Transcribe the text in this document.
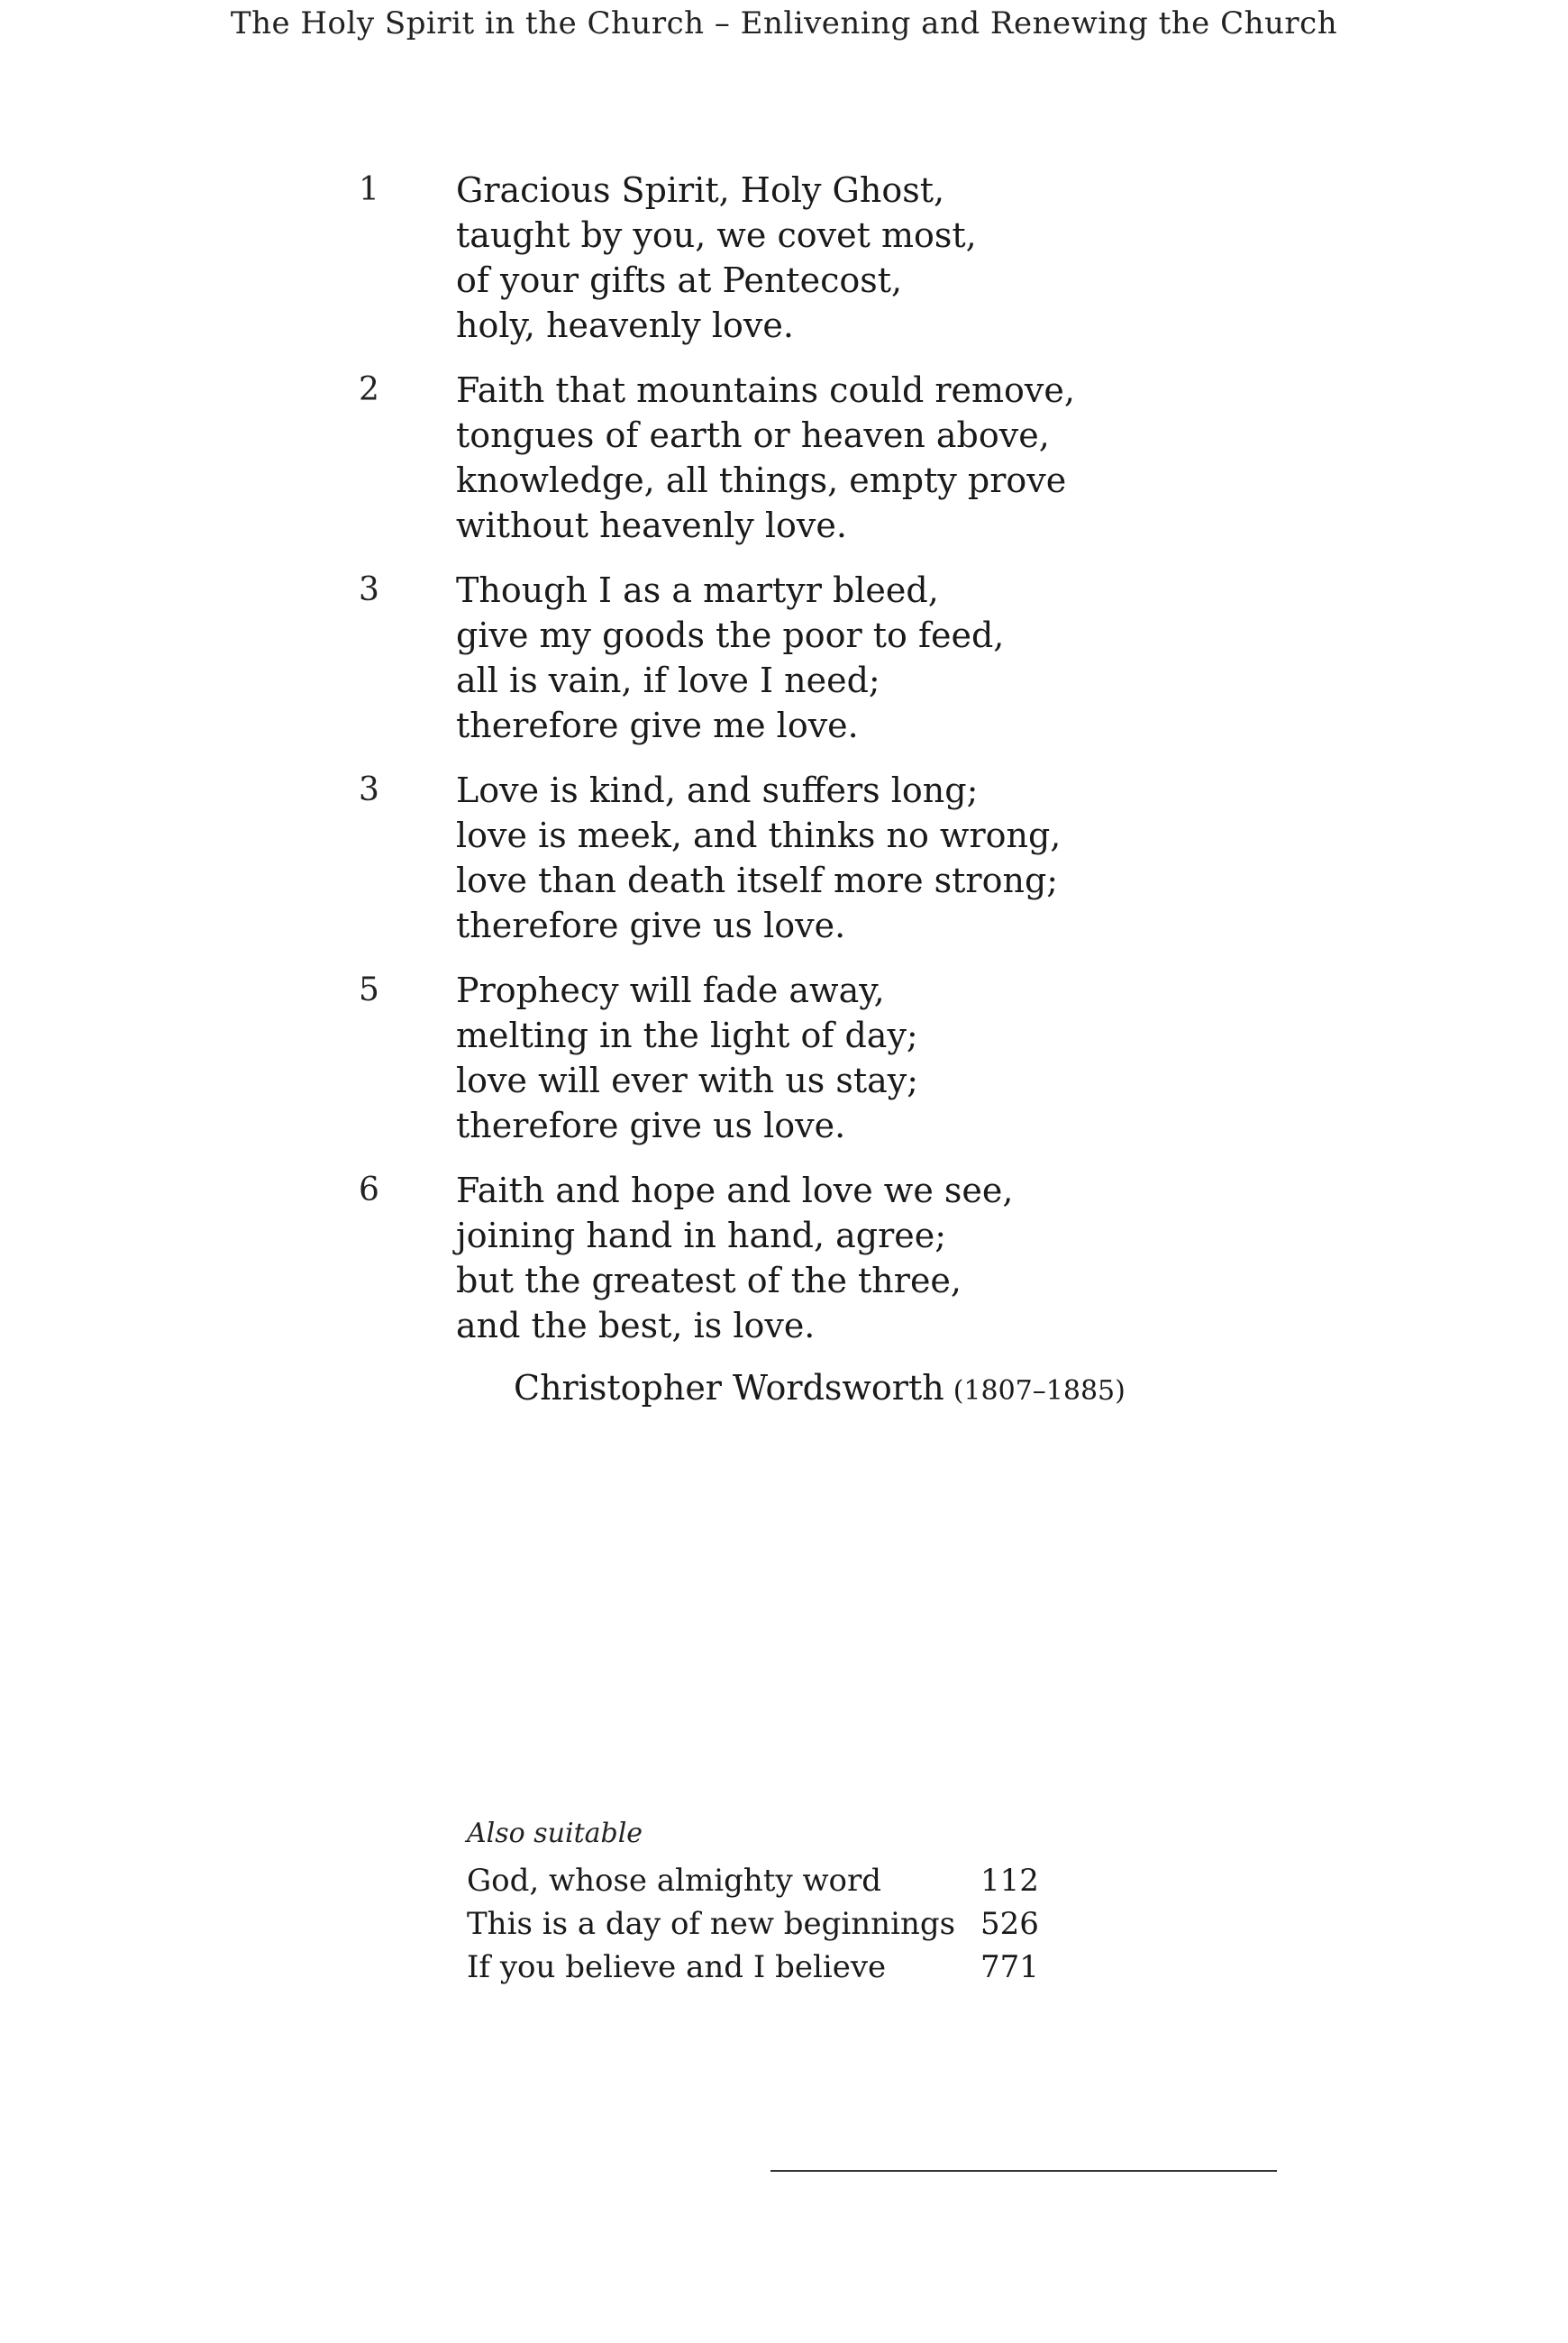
The Holy Spirit in the Church – Enlivening and Renewing the Church
1 Gracious Spirit, Holy Ghost,
taught by you, we covet most,
of your gifts at Pentecost,
holy, heavenly love.
2 Faith that mountains could remove,
tongues of earth or heaven above,
knowledge, all things, empty prove
without heavenly love.
3 Though I as a martyr bleed,
give my goods the poor to feed,
all is vain, if love I need;
therefore give me love.
3 Love is kind, and suffers long;
love is meek, and thinks no wrong,
love than death itself more strong;
therefore give us love.
5 Prophecy will fade away,
melting in the light of day;
love will ever with us stay;
therefore give us love.
6 Faith and hope and love we see,
joining hand in hand, agree;
but the greatest of the three,
and the best, is love.
Christopher Wordsworth (1807–1885)
Also suitable
God, whose almighty word	112
This is a day of new beginnings 526
If you believe and I believe	771
